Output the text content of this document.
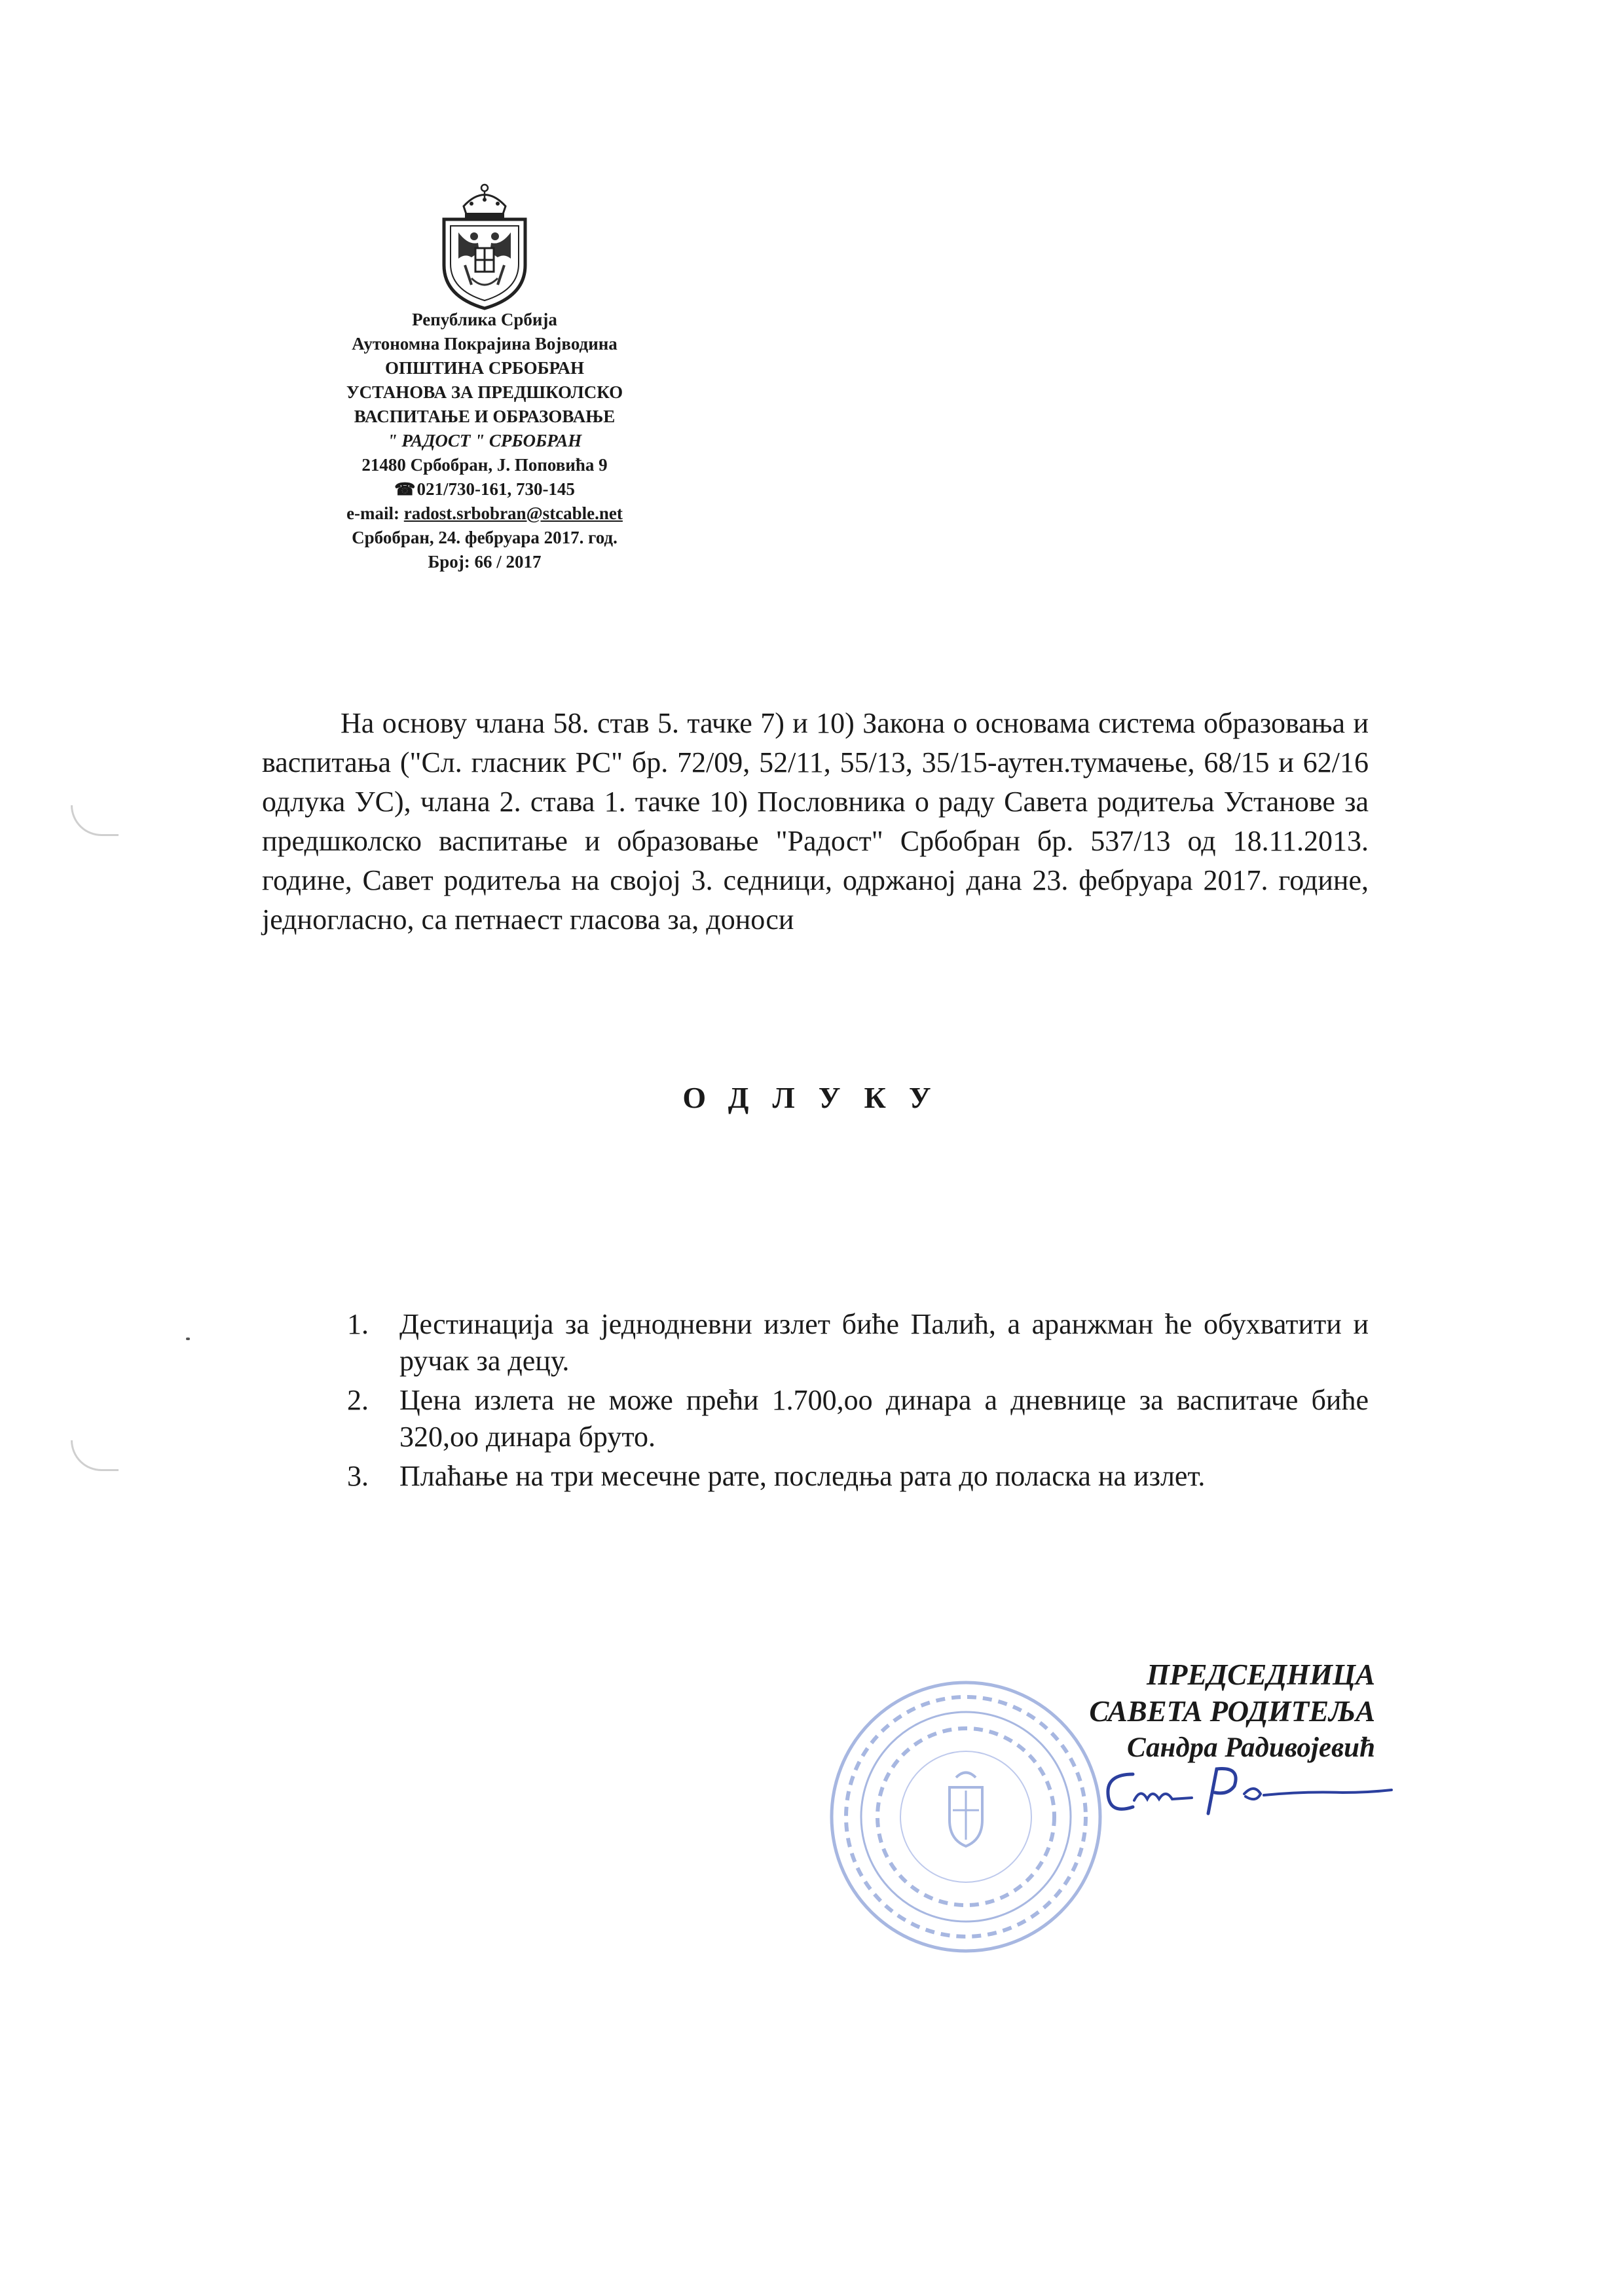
Република Србија
Аутономна Покрајина Војводина
ОПШТИНА СРБОБРАН
УСТАНОВА ЗА ПРЕДШКОЛСКО
ВАСПИТАЊЕ И ОБРАЗОВАЊЕ
" РАДОСТ " СРБОБРАН
21480 Србобран, Ј. Поповића 9
☎021/730-161, 730-145
e-mail: radost.srbobran@stcable.net
Србобран, 24. фебруара 2017. год.
Број: 66 / 2017

На основу члана 58. став 5. тачке 7) и 10) Закона о основама система образовања и васпитања ("Сл. гласник РС" бр. 72/09, 52/11, 55/13, 35/15-аутен.тумачење, 68/15 и 62/16 одлука УС), члана 2. става 1. тачке 10) Пословника о раду Савета родитеља Установе за предшколско васпитање и образовање "Радост" Србобран бр. 537/13 од 18.11.2013. године, Савет родитеља на својој 3. седници, одржаној дана 23. фебруара 2017. године, једногласно, са петнаест гласова за, доноси

ОДЛУКУ
1. Дестинација за једнодневни излет биће Палић, а аранжман ће обухватити и ручак за децу.
2. Цена излета не може прећи 1.700,оо динара а дневнице за васпитаче биће 320,оо динара бруто.
3. Плаћање на три месечне рате, последња рата до поласка на излет.
ПРЕДСЕДНИЦА
САВЕТА РОДИТЕЉА
Сандра Радивојевић
